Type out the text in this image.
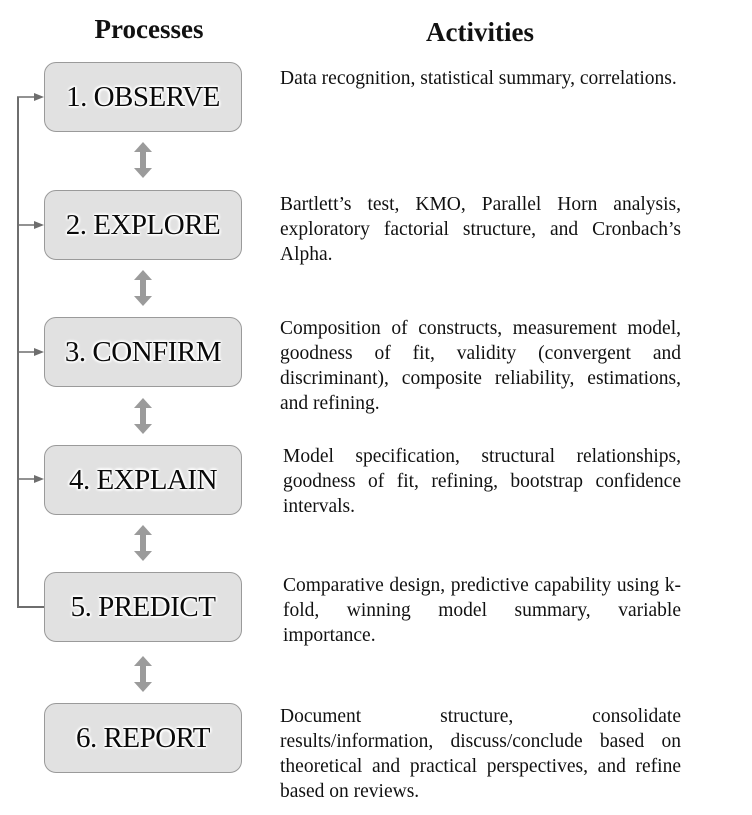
Processes	Activities
1. OBSERVE
2. EXPLORE
3. CONFIRM
4. EXPLAIN
5. PREDICT
6. REPORT
Data recognition, statistical summary, correlations.
Bartlett’s test, KMO, Parallel Horn analysis, exploratory factorial structure, and Cronbach’s Alpha.
Composition of constructs, measurement model, goodness of fit, validity (convergent and discriminant), composite reliability, estimations, and refining.
Model specification, structural relationships, goodness of fit, refining, bootstrap confidence intervals.
Comparative design, predictive capability using k-fold, winning model summary, variable importance.
Document structure, consolidate results/information, discuss/conclude based on theoretical and practical perspectives, and refine based on reviews.
